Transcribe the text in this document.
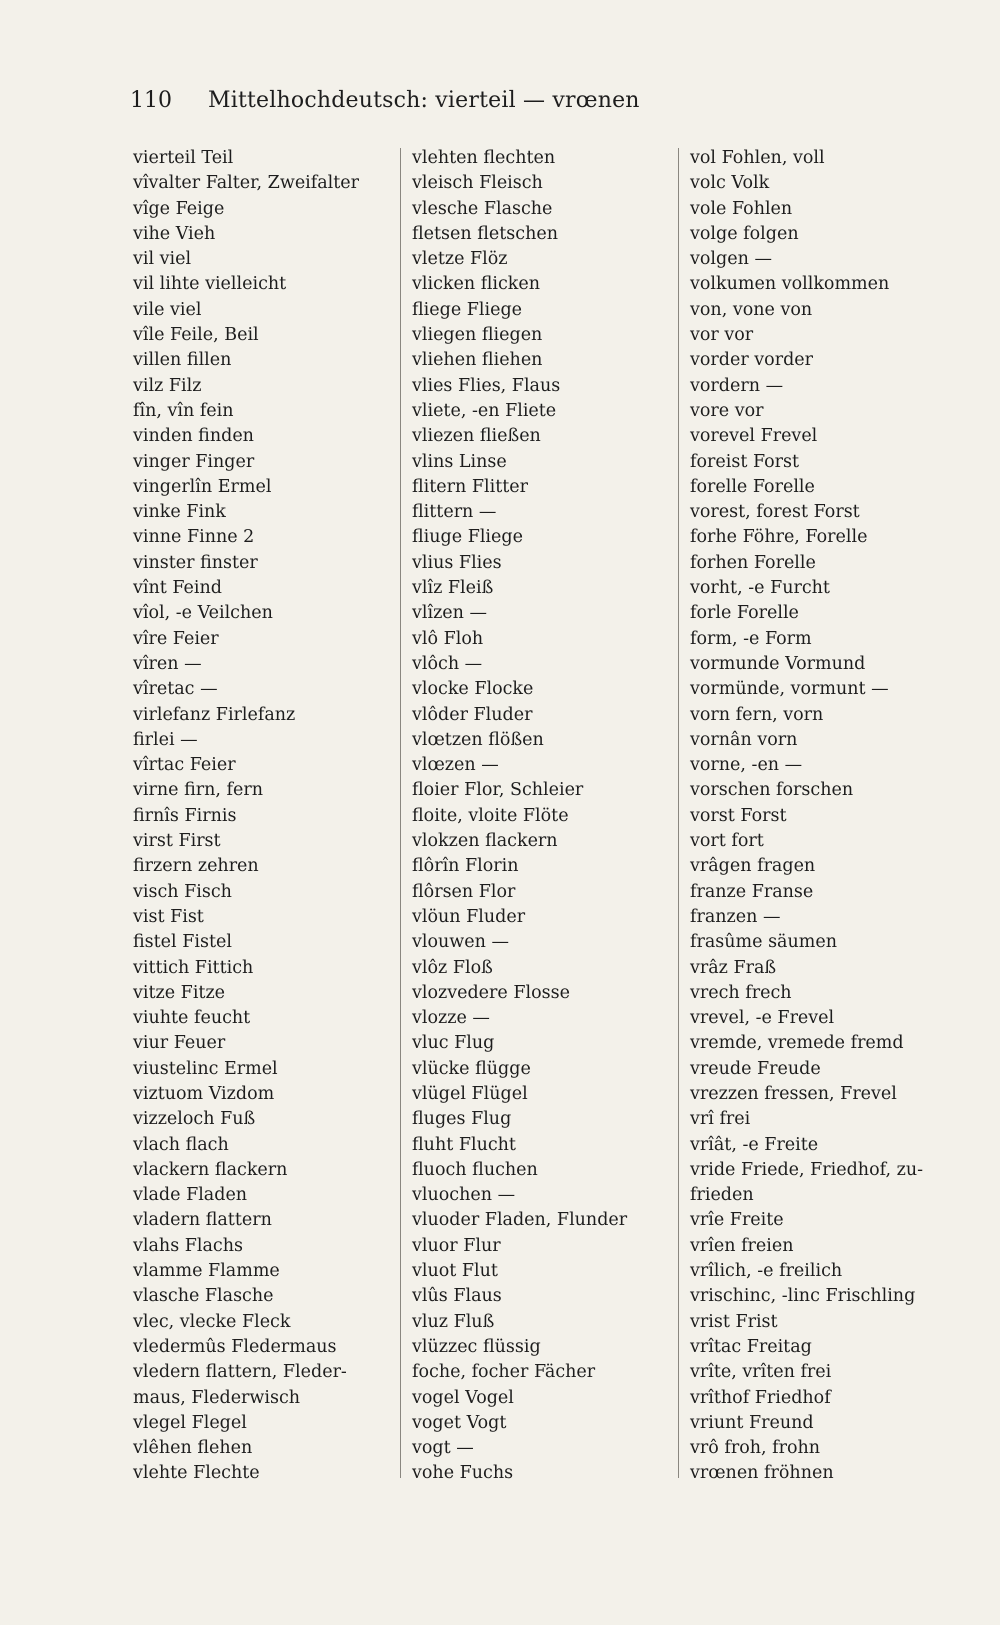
110 Mittelhochdeutsch: vierteil — vrœnen
vierteil Teil
vîvalter Falter, Zweifalter
vîge Feige
vihe Vieh
vil viel
vil lihte vielleicht
vile viel
vîle Feile, Beil
villen fillen
vilz Filz
fîn, vîn fein
vinden finden
vinger Finger
vingerlîn Ermel
vinke Fink
vinne Finne 2
vinster finster
vînt Feind
vîol, -e Veilchen
vîre Feier
vîren —
vîretac —
virlefanz Firlefanz
firlei —
vîrtac Feier
virne firn, fern
firnîs Firnis
virst First
firzern zehren
visch Fisch
vist Fist
fistel Fistel
vittich Fittich
vitze Fitze
viuhte feucht
viur Feuer
viustelinc Ermel
viztuom Vizdom
vizzeloch Fuß
vlach flach
vlackern flackern
vlade Fladen
vladern flattern
vlahs Flachs
vlamme Flamme
vlasche Flasche
vlec, vlecke Fleck
vledermûs Fledermaus
vledern flattern, Fleder-maus, Flederwisch
vlegel Flegel
vlêhen flehen
vlehte Flechte
vlehten flechten
vleisch Fleisch
vlesche Flasche
fletsen fletschen
vletze Flöz
vlicken flicken
fliege Fliege
vliegen fliegen
vliehen fliehen
vlies Flies, Flaus
vliete, -en Fliete
vliezen fließen
vlins Linse
flitern Flitter
flittern —
fliuge Fliege
vlius Flies
vlîz Fleiß
vlîzen —
vlô Floh
vlôch —
vlocke Flocke
vlôder Fluder
vlœtzen flößen
vlœzen —
floier Flor, Schleier
floite, vloite Flöte
vlokzen flackern
flôrîn Florin
flôrsen Flor
vlöun Fluder
vlouwen —
vlôz Floß
vlozvedere Flosse
vlozze —
vluc Flug
vlücke flügge
vlügel Flügel
fluges Flug
fluht Flucht
fluoch fluchen
vluochen —
vluoder Fladen, Flunder
vluor Flur
vluot Flut
vlûs Flaus
vluz Fluß
vlüzzec flüssig
foche, focher Fächer
vogel Vogel
voget Vogt
vogt —
vohe Fuchs
vol Fohlen, voll
volc Volk
vole Fohlen
volge folgen
volgen —
volkumen vollkommen
von, vone von
vor vor
vorder vorder
vordern —
vore vor
vorevel Frevel
foreist Forst
forelle Forelle
vorest, forest Forst
forhe Föhre, Forelle
forhen Forelle
vorht, -e Furcht
forle Forelle
form, -e Form
vormunde Vormund
vormünde, vormunt —
vorn fern, vorn
vornân vorn
vorne, -en —
vorschen forschen
vorst Forst
vort fort
vrâgen fragen
franze Franse
franzen —
frasûme säumen
vrâz Fraß
vrech frech
vrevel, -e Frevel
vremde, vremede fremd
vreude Freude
vrezzen fressen, Frevel
vrî frei
vrîât, -e Freite
vride Friede, Friedhof, zu-frieden
vrîe Freite
vrîen freien
vrîlich, -e freilich
vrischinc, -linc Frischling
vrist Frist
vrîtac Freitag
vrîte, vrîten frei
vrîthof Friedhof
vriunt Freund
vrô froh, frohn
vrœnen fröhnen
